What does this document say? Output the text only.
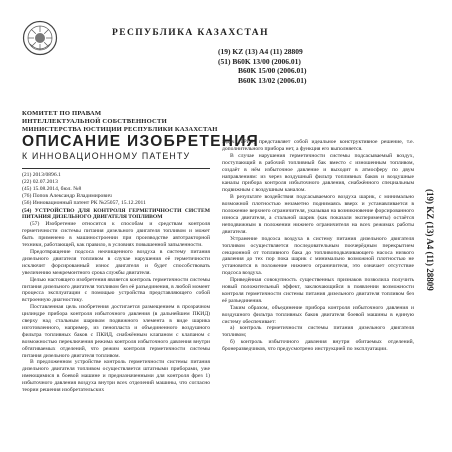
РЕСПУБЛИКА КАЗАХСТАН
(19) KZ (13) A4 (11) 28809
(51) B60K 13/00 (2006.01)
B60K 15/00 (2006.01)
B60K 13/02 (2006.01)
КОМИТЕТ ПО ПРАВАМ
ИНТЕЛЛЕКТУАЛЬНОЙ СОБСТВЕННОСТИ
МИНИСТЕРСТВА ЮСТИЦИИ РЕСПУБЛИКИ КАЗАХСТАН
ОПИСАНИЕ ИЗОБРЕТЕНИЯ
К ИННОВАЦИОННОМУ ПАТЕНТУ
(21) 2013/0896.1
(22) 02.07.2013
(45) 15.08.2014, бюл. №8
(76) Попов Александр Владимирович
(56) Инновационный патент РК №25057, 15.12.2011

(54) УСТРОЙСТВО ДЛЯ КОНТРОЛЯ ГЕРМЕТИЧНОСТИ СИСТЕМ ПИТАНИЯ ДИЗЕЛЬНОГО ДВИГАТЕЛЯ ТОПЛИВОМ

(57) Изобретение относится к способам и средствам контроля герметичности системы питания дизельного двигателя топливом и может быть применено в машиностроении при производстве автотракторной техники, работающей, как правило, в условиях повышенной запыленности.

Предотвращение подсоса неочищенного воздуха в систему питания дизельного двигателя топливом в случае нарушения её герметичности исключит форсированный износ двигателя и будет способствовать увеличению межремонтного срока службы двигателя.

Целью настоящего изобретения является контроль герметичности системы питания дизельного двигателя топливом без её разъединения, в любой момент процесса эксплуатации с помощью устройства представляющего собой встроенную диагностику.

Поставленная цель изобретения достигается размещением в прозрачном цилиндре прибора контроля избыточного давления (в дальнейшем ПКИД) сверху над стальным шариком подвижного элемента в виде шарика изготовленного, например, из пенопласта и объединенного воздушного фильтра топливных баков с ПКИД, снабжённым клапаном с клапаном с возможностью переключения режима контроля избыточного давления внутри обтягиваемых отделений, что режим контроля герметичности системы питания дизельного двигателя топливом.

В предложенном устройстве контроль герметичности системы питания дизельного двигателя топливом осуществляется штатными приборами, уже имеющимися в боевой машине и предназначенными для контроля фрез 1) избыточного давления воздуха внутри всех отделений машины, что согласно теории решения изобретательских

задач (ТРИЗ) представляет собой идеальное конструктивное решение, т.е. дополнительного прибора нет, а функция его выполняется.

В случае нарушения герметичности системы подсасываемый воздух, поступающий в рабочий топливный бак вместо с изношенным топливом, создаёт в нём избыточное давление и выходит в атмосферу по двум направлениям: из через воздушный фильтр топливных баков и воздушные каналы прибора контроля избыточного давления, снабжённого специальным подвижным с воздушным каналом.

В результате воздействия подсасываемого воздуха шарик, с минимально возможной плотностью незаметно поднимаясь вверх и устанавливается в положение верхнего ограничителя, указывая на возникновение форсированного износа двигателя, а стальной шарик (как показали эксперименты) остаётся неподвижным в положении нижнего ограничителя на всех режимах работы двигателя.

Устранение подсоса воздуха в систему питания дизельного двигателя топливом осуществляется последовательным поочерёдным перекрытием секционной от топливного бака до топливоподкачивающего насоса низкого давления до тех пор пока шарик с минимально возможной плотностью не установится в положение нижнего ограничителя, это означает отсутствие подсоса воздуха.

Приведённая совокупность существенных признаков позволила получить новый положительный эффект, заключающийся в появлении возможности контроля герметичности системы питания дизельного двигателя топливом без её разъединения.

Таким образом, объединение прибора контроля избыточного давления и воздушного фильтра топливных баков двигателя боевой машины в единую систему обеспечивает:

а) контроль герметичности системы питания дизельного двигателя топливом;

б) контроль избыточного давления внутри обитаемых отделений, бронеразведчиков, что предусмотрено инструкцией по эксплуатации.

(19) KZ (13) A4 (11) 28809
